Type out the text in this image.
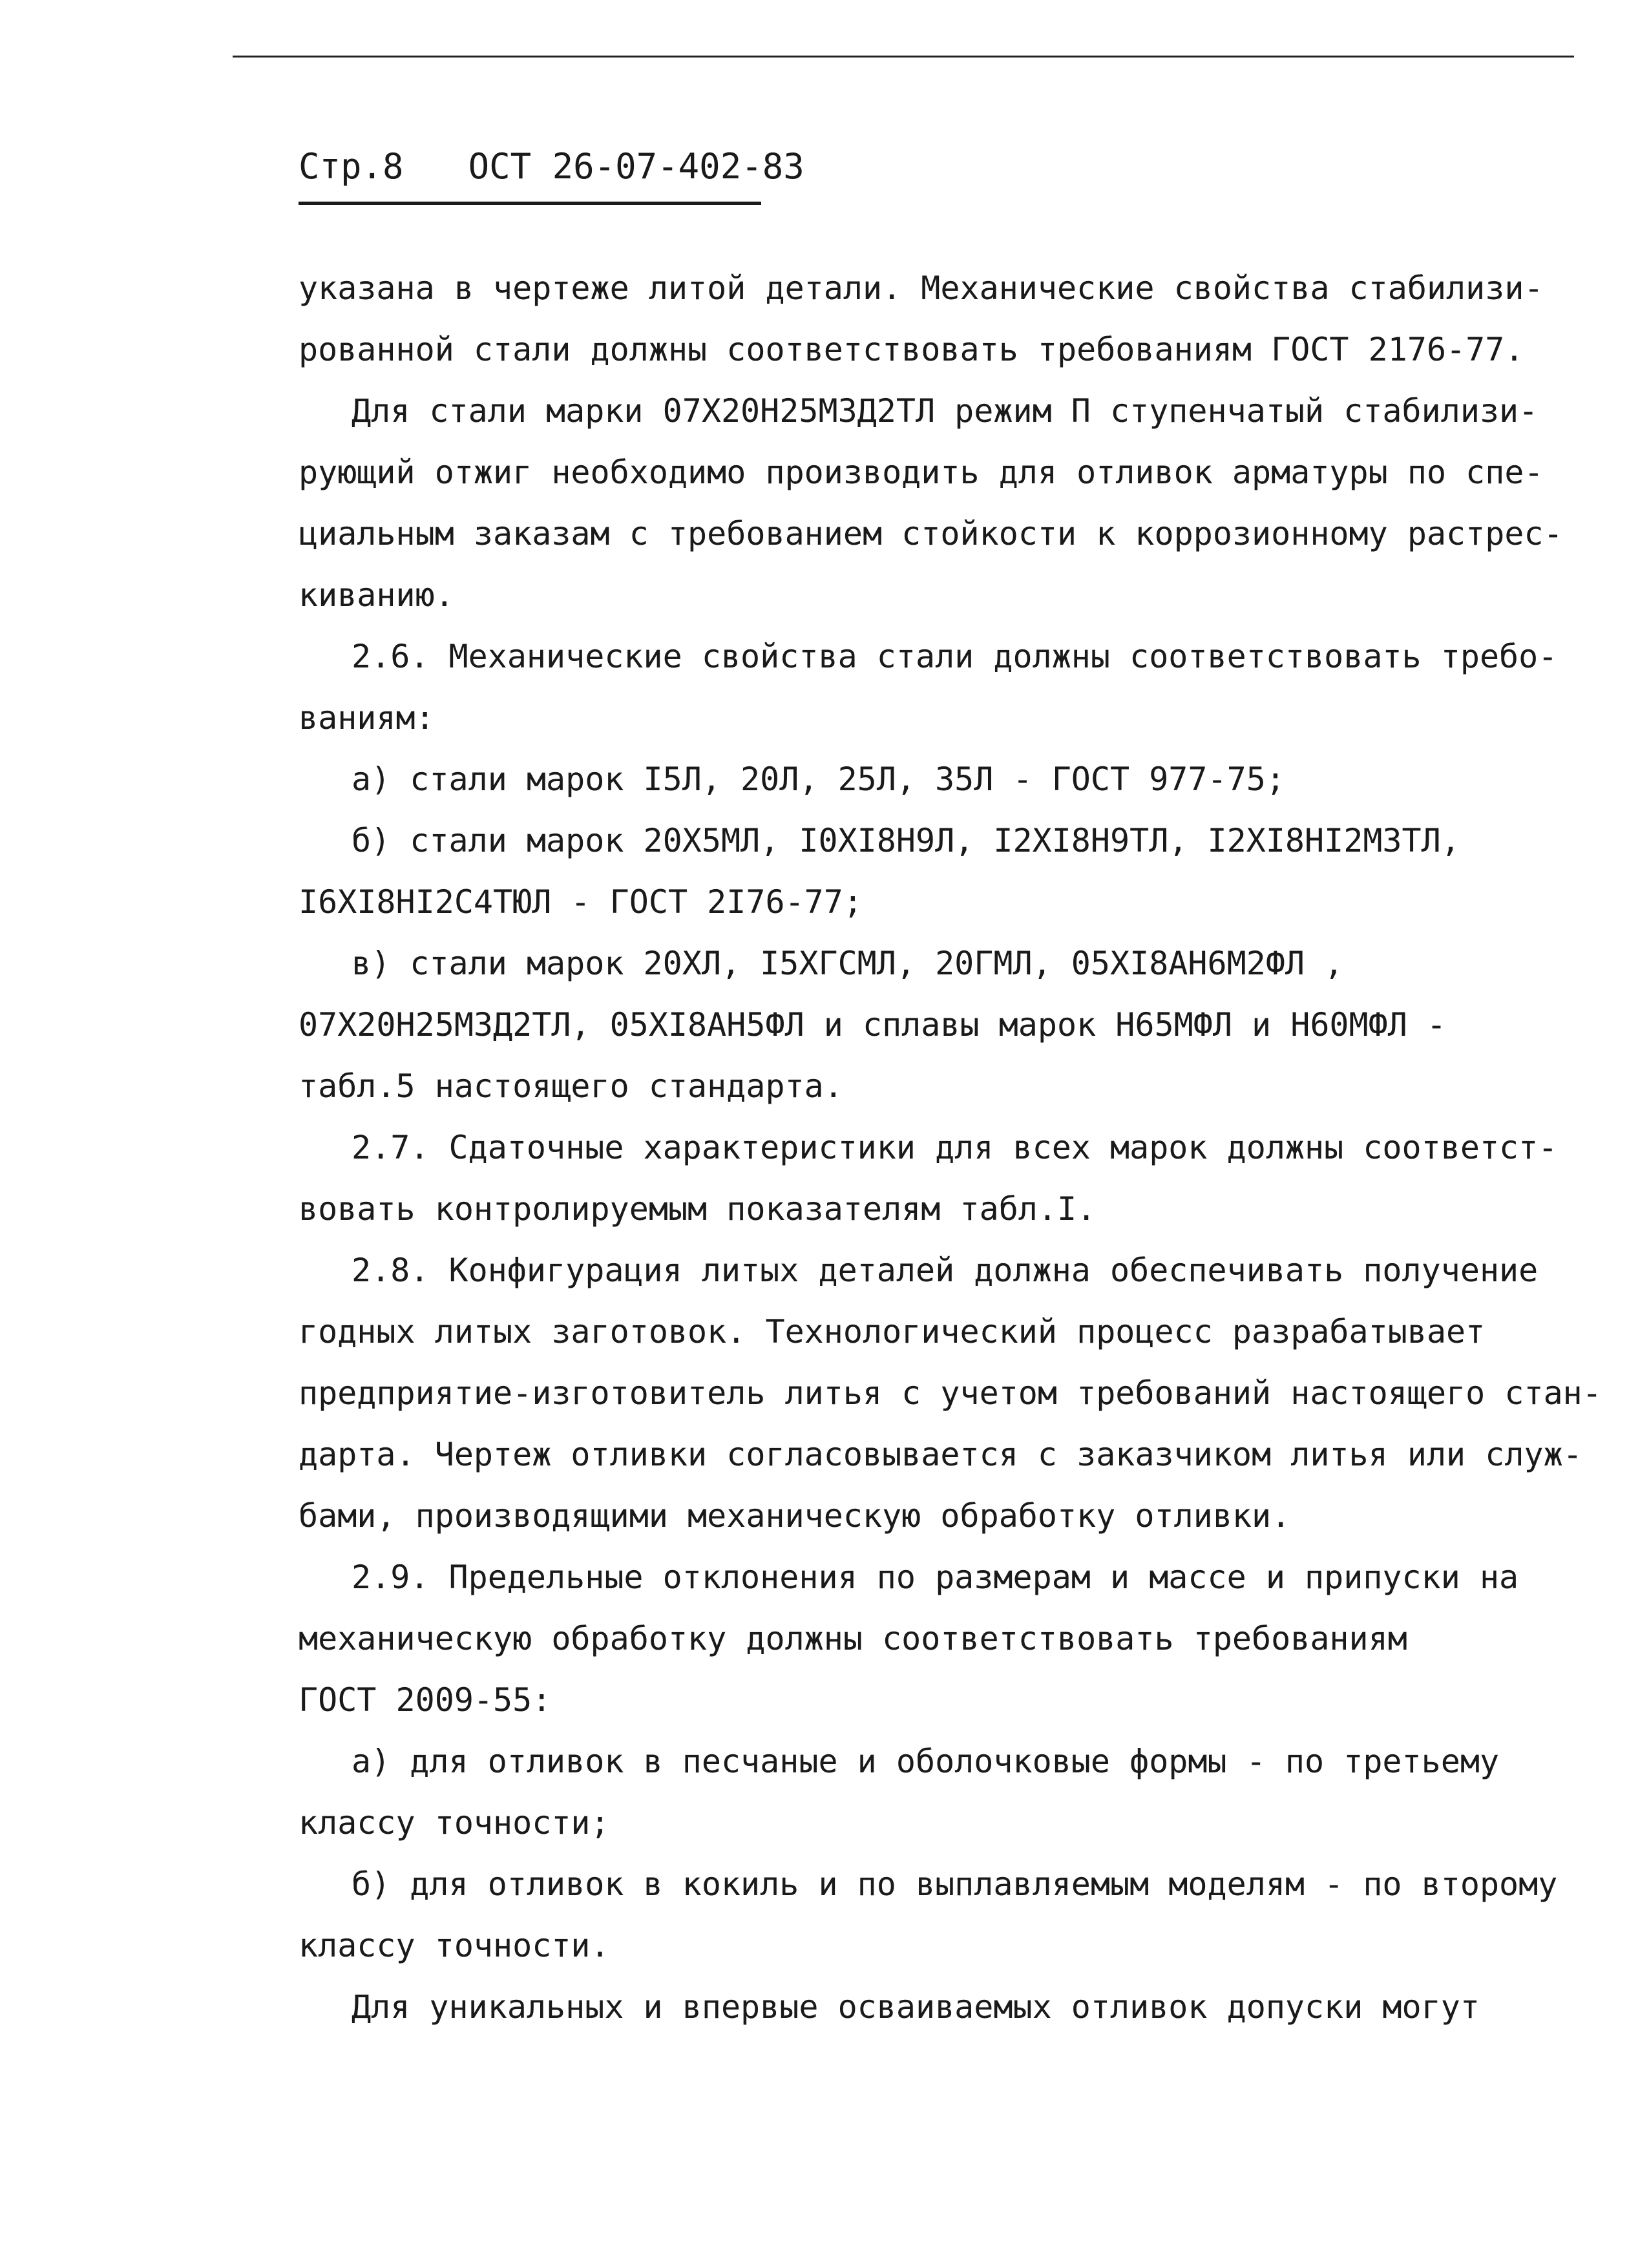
Стр.8 ОСТ 26-07-402-83
указана в чертеже литой детали. Механические свойства стабилизи-
рованной стали должны соответствовать требованиям ГОСТ 2176-77.
Для стали марки 07Х20Н25М3Д2ТЛ режим П ступенчатый стабилизи-
рующий отжиг необходимо производить для отливок арматуры по спе-
циальным заказам с требованием стойкости к коррозионному растрес-
киванию.
2.6. Механические свойства стали должны соответствовать требо-
ваниям:
а) стали марок I5Л, 20Л, 25Л, 35Л - ГОСТ 977-75;
б) стали марок 20Х5МЛ, I0ХI8Н9Л, I2ХI8Н9ТЛ, I2ХI8НI2М3ТЛ,
I6ХI8НI2С4ТЮЛ - ГОСТ 2I76-77;
в) стали марок 20ХЛ, I5ХГСМЛ, 20ГМЛ, 05ХI8АН6М2ФЛ ,
07Х20Н25М3Д2ТЛ, 05ХI8АН5ФЛ и сплавы марок Н65МФЛ и Н60МФЛ -
табл.5 настоящего стандарта.
2.7. Сдаточные характеристики для всех марок должны соответст-
вовать контролируемым показателям табл.I.
2.8. Конфигурация литых деталей должна обеспечивать получение
годных литых заготовок. Технологический процесс разрабатывает
предприятие-изготовитель литья с учетом требований настоящего стан-
дарта. Чертеж отливки согласовывается с заказчиком литья или служ-
бами, производящими механическую обработку отливки.
2.9. Предельные отклонения по размерам и массе и припуски на
механическую обработку должны соответствовать требованиям
ГОСТ 2009-55:
а) для отливок в песчаные и оболочковые формы - по третьему
классу точности;
б) для отливок в кокиль и по выплавляемым моделям - по второму
классу точности.
Для уникальных и впервые осваиваемых отливок допуски могут
